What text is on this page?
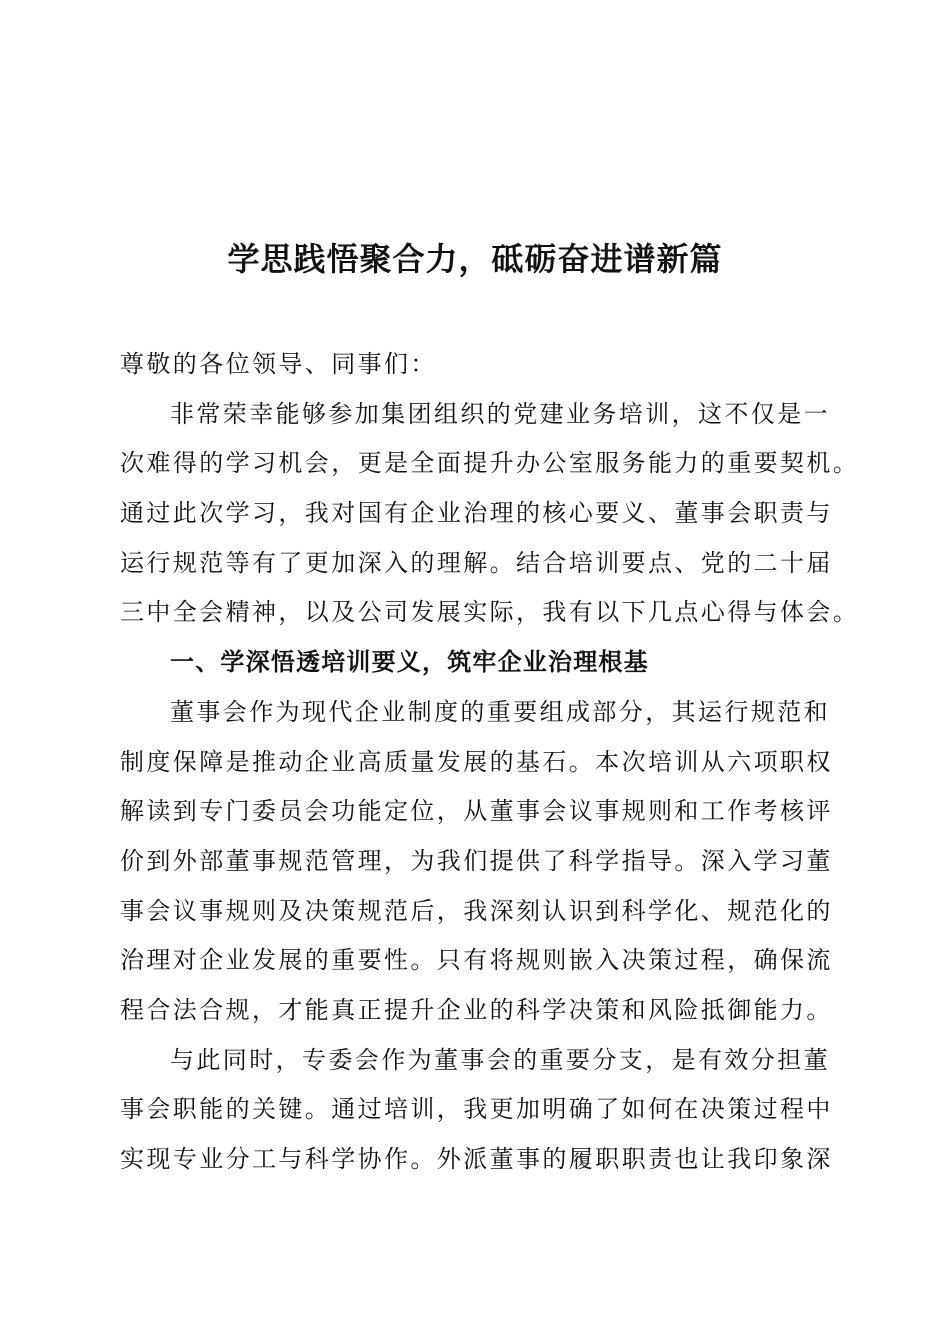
学思践悟聚合力，砥砺奋进谱新篇

尊敬的各位领导、同事们：

非常荣幸能够参加集团组织的党建业务培训，这不仅是一

次难得的学习机会，更是全面提升办公室服务能力的重要契机。

通过此次学习，我对国有企业治理的核心要义、董事会职责与

运行规范等有了更加深入的理解。结合培训要点、党的二十届

三中全会精神，以及公司发展实际，我有以下几点心得与体会。

一、学深悟透培训要义，筑牢企业治理根基

董事会作为现代企业制度的重要组成部分，其运行规范和

制度保障是推动企业高质量发展的基石。本次培训从六项职权

解读到专门委员会功能定位，从董事会议事规则和工作考核评

价到外部董事规范管理，为我们提供了科学指导。深入学习董

事会议事规则及决策规范后，我深刻认识到科学化、规范化的

治理对企业发展的重要性。只有将规则嵌入决策过程，确保流

程合法合规，才能真正提升企业的科学决策和风险抵御能力。

与此同时，专委会作为董事会的重要分支，是有效分担董

事会职能的关键。通过培训，我更加明确了如何在决策过程中

实现专业分工与科学协作。外派董事的履职职责也让我印象深
